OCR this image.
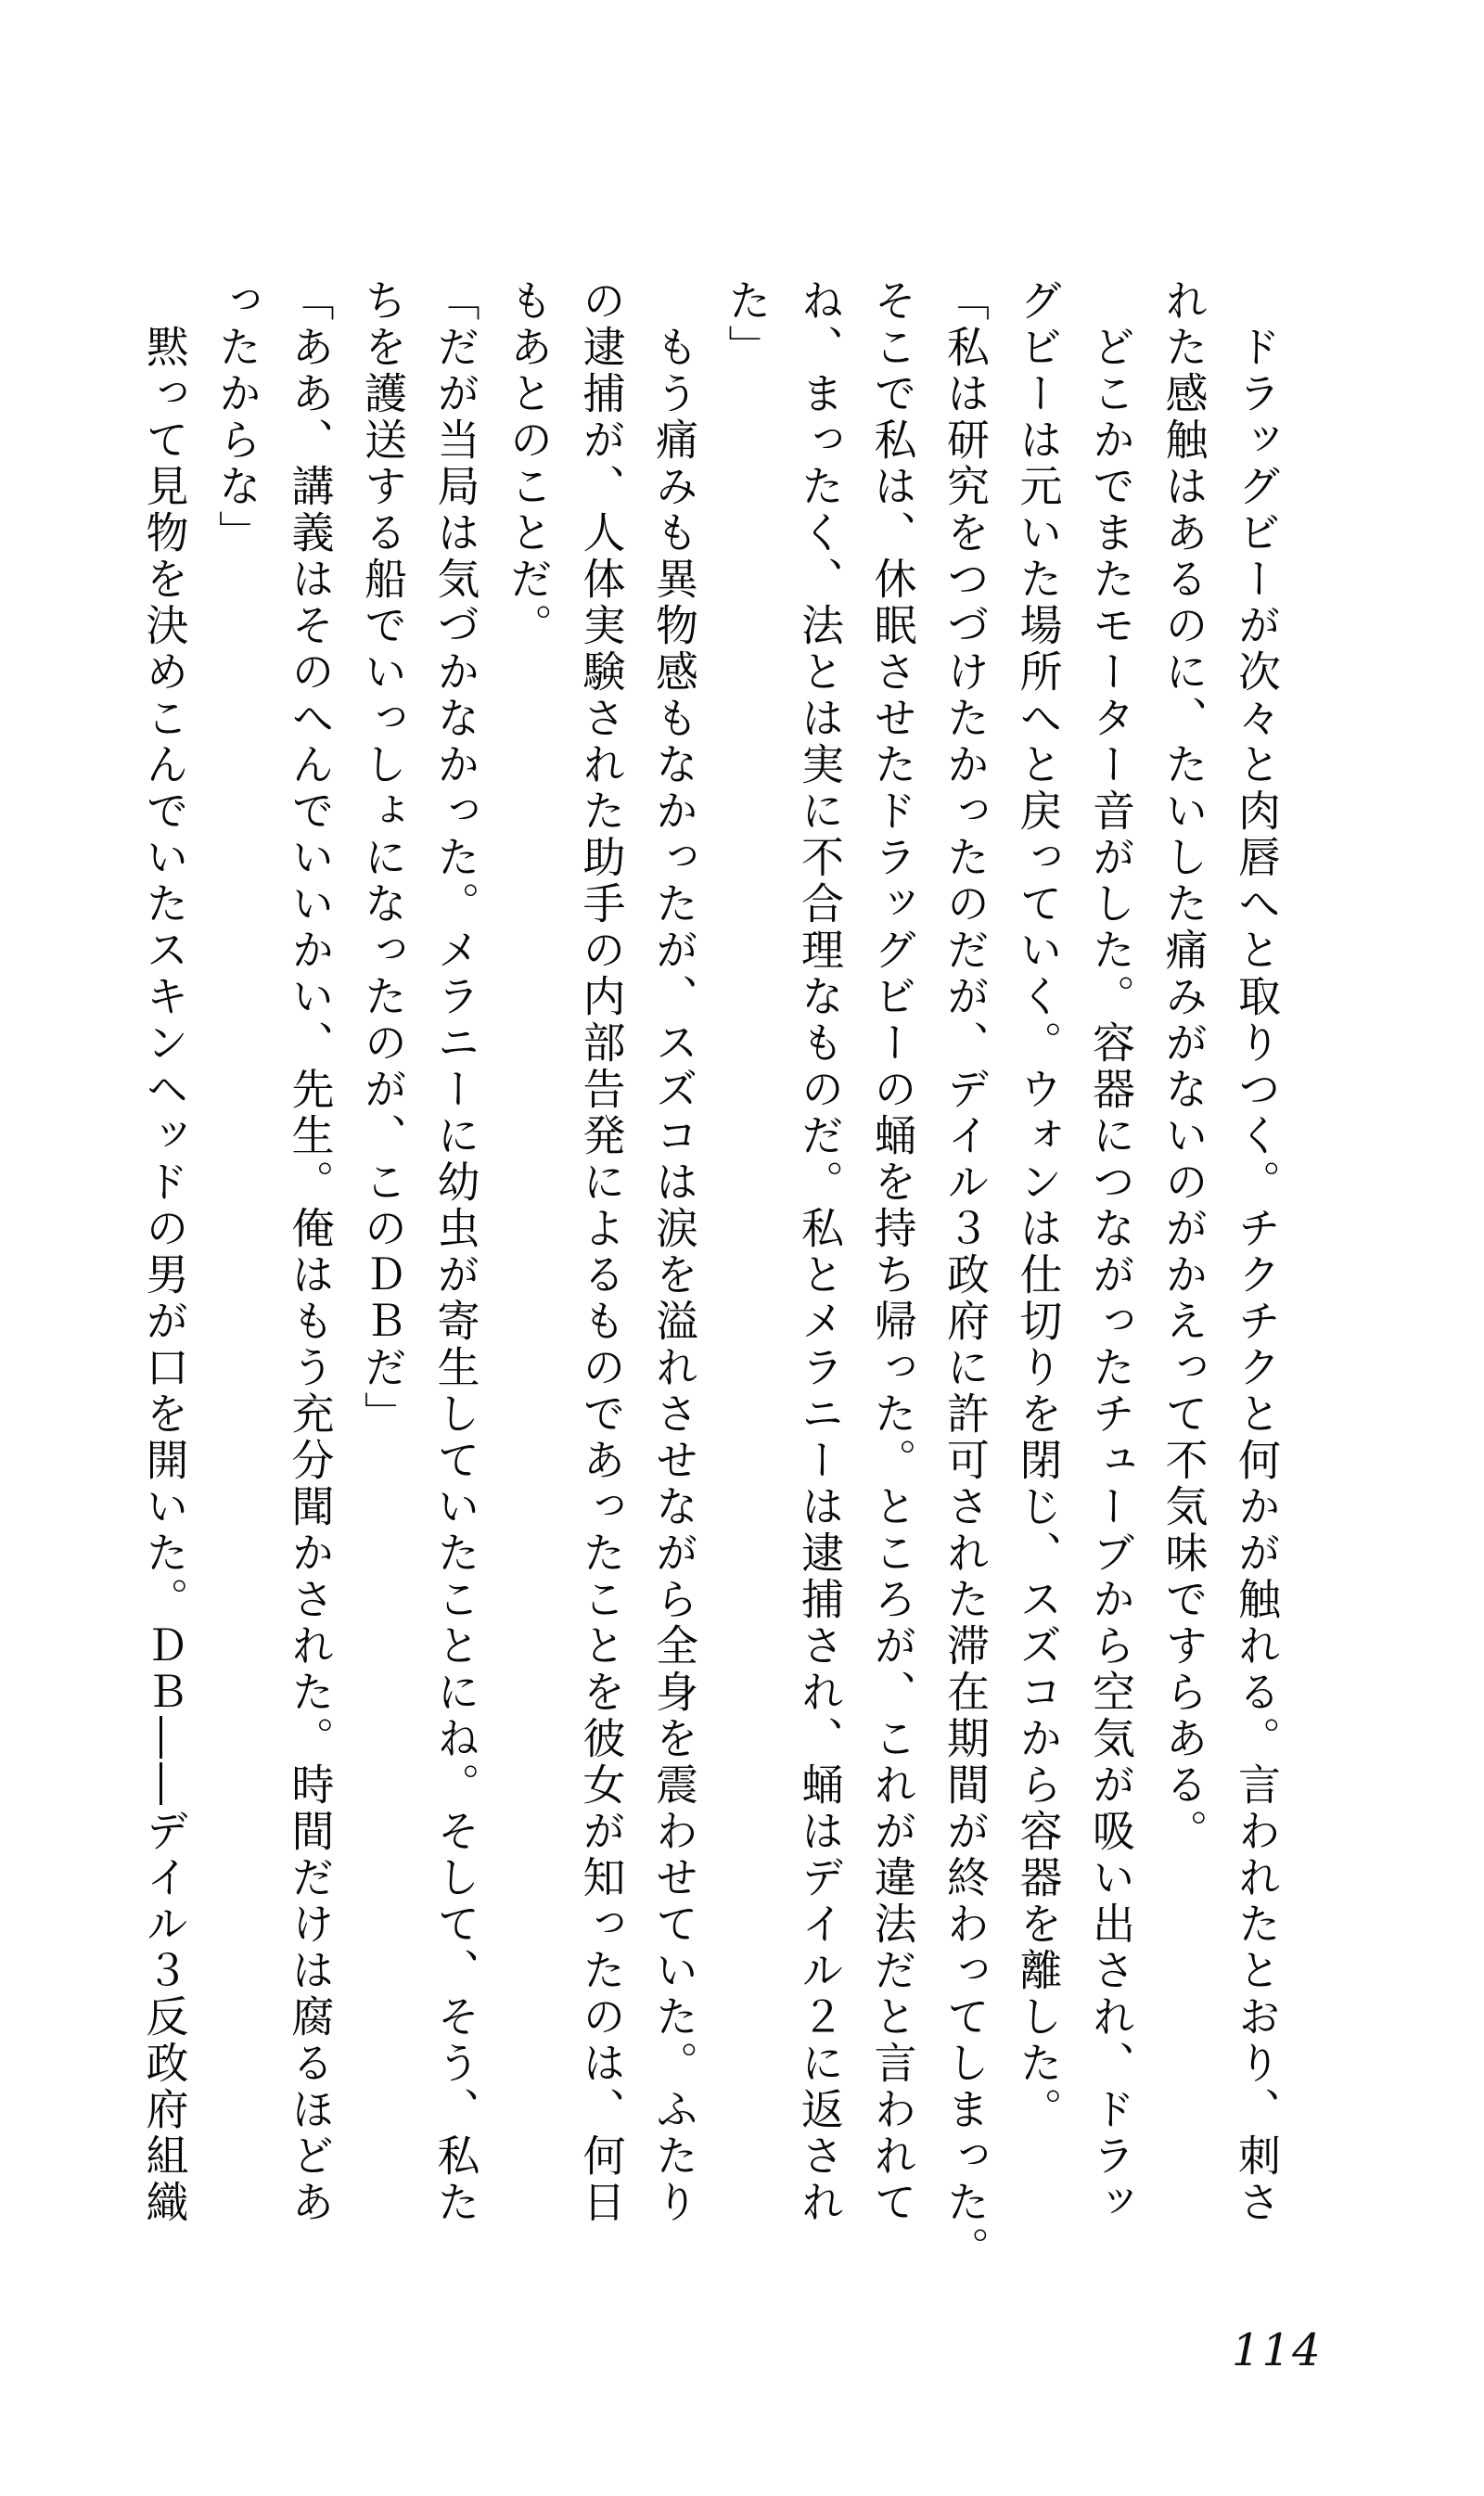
ドラッグビーが次々と肉唇へと取りつく。チクチクと何かが触れる。言われたとおり、刺さ
れた感触はあるのに、たいした痛みがないのがかえって不気味ですらある。
どこかでまたモーター音がした。容器につながったチューブから空気が吸い出され、ドラッ
グビーは元いた場所へと戻っていく。ウォンは仕切りを閉じ、スズコから容器を離した。
「私は研究をつづけたかったのだが、デイル３政府に許可された滞在期間が終わってしまった。
そこで私は、休眠させたドラッグビーの蛹を持ち帰った。ところが、これが違法だと言われて
ね、まったく、法とは実に不合理なものだ。私とメラニーは逮捕され、蛹はデイル２に返され
た」
もう痛みも異物感もなかったが、スズコは涙を溢れさせながら全身を震わせていた。ふたり
の逮捕が、人体実験された助手の内部告発によるものであったことを彼女が知ったのは、何日
もあとのことだ。
「だが当局は気づかなかった。メラニーに幼虫が寄生していたことにね。そして、そう、私た
ちを護送する船でいっしょになったのが、このＤＢだ」
「ああ、講義はそのへんでいいかい、先生。俺はもう充分聞かされた。時間だけは腐るほどあ
ったからな」
黙って見物を決めこんでいたスキンヘッドの男が口を開いた。ＤＢ――デイル３反政府組織
114
